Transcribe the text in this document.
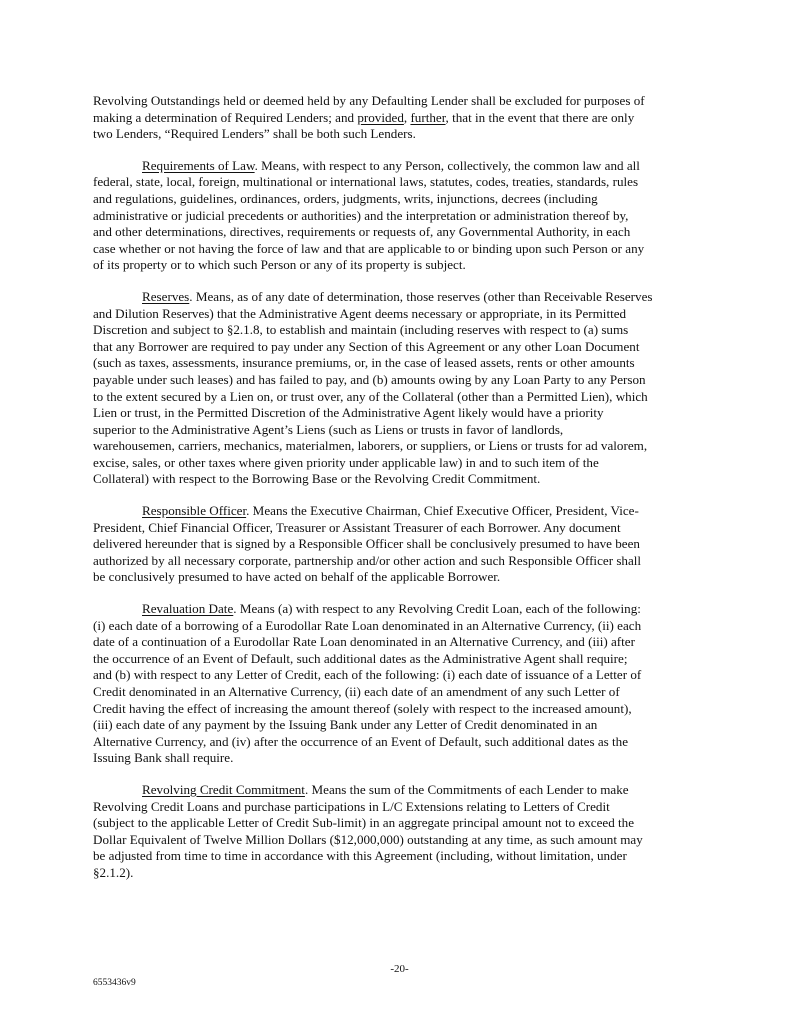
Revolving Outstandings held or deemed held by any Defaulting Lender shall be excluded for purposes of
making a determination of Required Lenders; and provided, further, that in the event that there are only
two Lenders, “Required Lenders” shall be both such Lenders.

Requirements of Law. Means, with respect to any Person, collectively, the common law and all
federal, state, local, foreign, multinational or international laws, statutes, codes, treaties, standards, rules
and regulations, guidelines, ordinances, orders, judgments, writs, injunctions, decrees (including
administrative or judicial precedents or authorities) and the interpretation or administration thereof by,
and other determinations, directives, requirements or requests of, any Governmental Authority, in each
case whether or not having the force of law and that are applicable to or binding upon such Person or any
of its property or to which such Person or any of its property is subject.

Reserves. Means, as of any date of determination, those reserves (other than Receivable Reserves
and Dilution Reserves) that the Administrative Agent deems necessary or appropriate, in its Permitted
Discretion and subject to §2.1.8, to establish and maintain (including reserves with respect to (a) sums
that any Borrower are required to pay under any Section of this Agreement or any other Loan Document
(such as taxes, assessments, insurance premiums, or, in the case of leased assets, rents or other amounts
payable under such leases) and has failed to pay, and (b) amounts owing by any Loan Party to any Person
to the extent secured by a Lien on, or trust over, any of the Collateral (other than a Permitted Lien), which
Lien or trust, in the Permitted Discretion of the Administrative Agent likely would have a priority
superior to the Administrative Agent’s Liens (such as Liens or trusts in favor of landlords,
warehousemen, carriers, mechanics, materialmen, laborers, or suppliers, or Liens or trusts for ad valorem,
excise, sales, or other taxes where given priority under applicable law) in and to such item of the
Collateral) with respect to the Borrowing Base or the Revolving Credit Commitment.

Responsible Officer. Means the Executive Chairman, Chief Executive Officer, President, Vice-
President, Chief Financial Officer, Treasurer or Assistant Treasurer of each Borrower. Any document
delivered hereunder that is signed by a Responsible Officer shall be conclusively presumed to have been
authorized by all necessary corporate, partnership and/or other action and such Responsible Officer shall
be conclusively presumed to have acted on behalf of the applicable Borrower.

Revaluation Date. Means (a) with respect to any Revolving Credit Loan, each of the following:
(i) each date of a borrowing of a Eurodollar Rate Loan denominated in an Alternative Currency, (ii) each
date of a continuation of a Eurodollar Rate Loan denominated in an Alternative Currency, and (iii) after
the occurrence of an Event of Default, such additional dates as the Administrative Agent shall require;
and (b) with respect to any Letter of Credit, each of the following: (i) each date of issuance of a Letter of
Credit denominated in an Alternative Currency, (ii) each date of an amendment of any such Letter of
Credit having the effect of increasing the amount thereof (solely with respect to the increased amount),
(iii) each date of any payment by the Issuing Bank under any Letter of Credit denominated in an
Alternative Currency, and (iv) after the occurrence of an Event of Default, such additional dates as the
Issuing Bank shall require.

Revolving Credit Commitment. Means the sum of the Commitments of each Lender to make
Revolving Credit Loans and purchase participations in L/C Extensions relating to Letters of Credit
(subject to the applicable Letter of Credit Sub-limit) in an aggregate principal amount not to exceed the
Dollar Equivalent of Twelve Million Dollars ($12,000,000) outstanding at any time, as such amount may
be adjusted from time to time in accordance with this Agreement (including, without limitation, under
§2.1.2).

-20-
6553436v9
